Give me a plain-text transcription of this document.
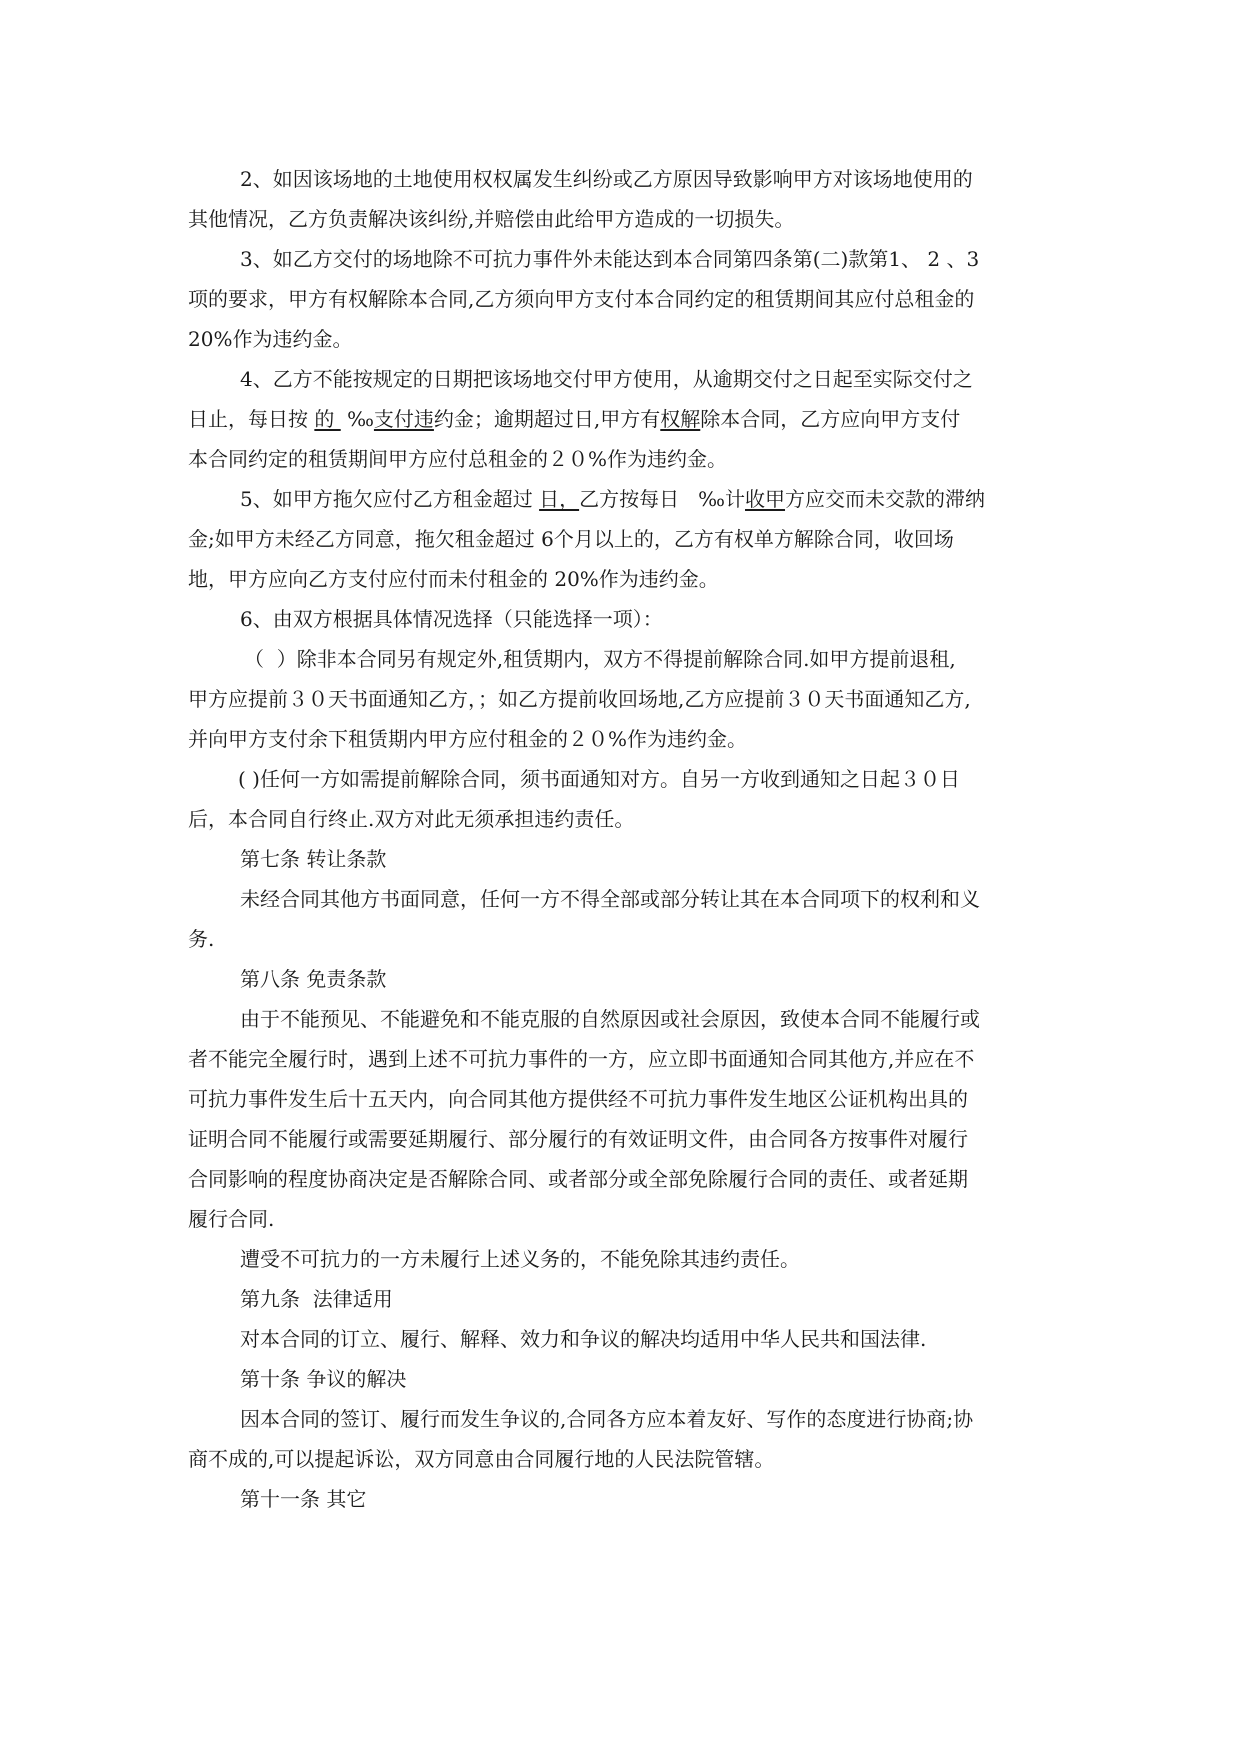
2、如因该场地的土地使用权权属发生纠纷或乙方原因导致影响甲方对该场地使用的
其他情况，乙方负责解决该纠纷,并赔偿由此给甲方造成的一切损失。
3、如乙方交付的场地除不可抗力事件外未能达到本合同第四条第(二)款第1、 2 、3
项的要求，甲方有权解除本合同,乙方须向甲方支付本合同约定的租赁期间其应付总租金的
20%作为违约金。
4、乙方不能按规定的日期把该场地交付甲方使用，从逾期交付之日起至实际交付之
日止，每日按 的  ‰支付违约金；逾期超过日,甲方有权解除本合同，乙方应向甲方支付
本合同约定的租赁期间甲方应付总租金的２０%作为违约金。
5、如甲方拖欠应付乙方租金超过 日，乙方按每日   ‰计收甲方应交而未交款的滞纳
金;如甲方未经乙方同意，拖欠租金超过 6个月以上的，乙方有权单方解除合同，收回场
地，甲方应向乙方支付应付而未付租金的 20%作为违约金。
6、由双方根据具体情况选择（只能选择一项）：
（  ）除非本合同另有规定外,租赁期内，双方不得提前解除合同.如甲方提前退租,
甲方应提前３０天书面通知乙方，；如乙方提前收回场地,乙方应提前３０天书面通知乙方,
并向甲方支付余下租赁期内甲方应付租金的２０%作为违约金。
( )任何一方如需提前解除合同，须书面通知对方。自另一方收到通知之日起３０日
后，本合同自行终止.双方对此无须承担违约责任。
第七条 转让条款
未经合同其他方书面同意，任何一方不得全部或部分转让其在本合同项下的权利和义
务.
第八条 免责条款
由于不能预见、不能避免和不能克服的自然原因或社会原因，致使本合同不能履行或
者不能完全履行时，遇到上述不可抗力事件的一方，应立即书面通知合同其他方,并应在不
可抗力事件发生后十五天内，向合同其他方提供经不可抗力事件发生地区公证机构出具的
证明合同不能履行或需要延期履行、部分履行的有效证明文件，由合同各方按事件对履行
合同影响的程度协商决定是否解除合同、或者部分或全部免除履行合同的责任、或者延期
履行合同.
遭受不可抗力的一方未履行上述义务的，不能免除其违约责任。
第九条  法律适用
对本合同的订立、履行、解释、效力和争议的解决均适用中华人民共和国法律.
第十条 争议的解决
因本合同的签订、履行而发生争议的,合同各方应本着友好、写作的态度进行协商;协
商不成的,可以提起诉讼，双方同意由合同履行地的人民法院管辖。
第十一条 其它
